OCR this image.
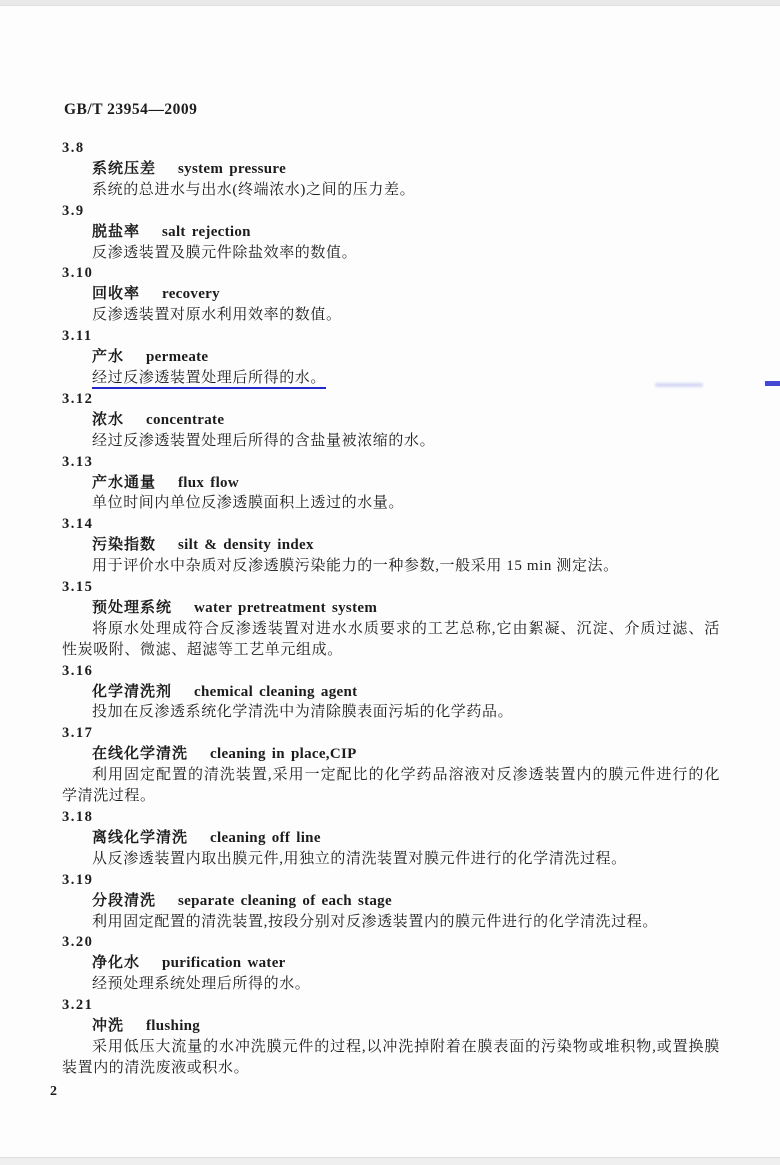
GB/T 23954—2009
3.8
系统压差 system pressure

系统的总进水与出水(终端浓水)之间的压力差。

3.9
脱盐率 salt rejection

反渗透装置及膜元件除盐效率的数值。

3.10
回收率 recovery

反渗透装置对原水利用效率的数值。

3.11
产水 permeate

经过反渗透装置处理后所得的水。

3.12
浓水 concentrate

经过反渗透装置处理后所得的含盐量被浓缩的水。

3.13
产水通量 flux flow

单位时间内单位反渗透膜面积上透过的水量。

3.14
污染指数 silt & density index

用于评价水中杂质对反渗透膜污染能力的一种参数,一般采用 15 min 测定法。

3.15
预处理系统 water pretreatment system

将原水处理成符合反渗透装置对进水水质要求的工艺总称,它由絮凝、沉淀、介质过滤、活性炭吸附、微滤、超滤等工艺单元组成。

3.16
化学清洗剂 chemical cleaning agent

投加在反渗透系统化学清洗中为清除膜表面污垢的化学药品。

3.17
在线化学清洗 cleaning in place,CIP

利用固定配置的清洗装置,采用一定配比的化学药品溶液对反渗透装置内的膜元件进行的化学清洗过程。

3.18
离线化学清洗 cleaning off line

从反渗透装置内取出膜元件,用独立的清洗装置对膜元件进行的化学清洗过程。

3.19
分段清洗 separate cleaning of each stage

利用固定配置的清洗装置,按段分别对反渗透装置内的膜元件进行的化学清洗过程。

3.20
净化水 purification water

经预处理系统处理后所得的水。

3.21
冲洗 flushing

采用低压大流量的水冲洗膜元件的过程,以冲洗掉附着在膜表面的污染物或堆积物,或置换膜装置内的清洗废液或积水。

2
